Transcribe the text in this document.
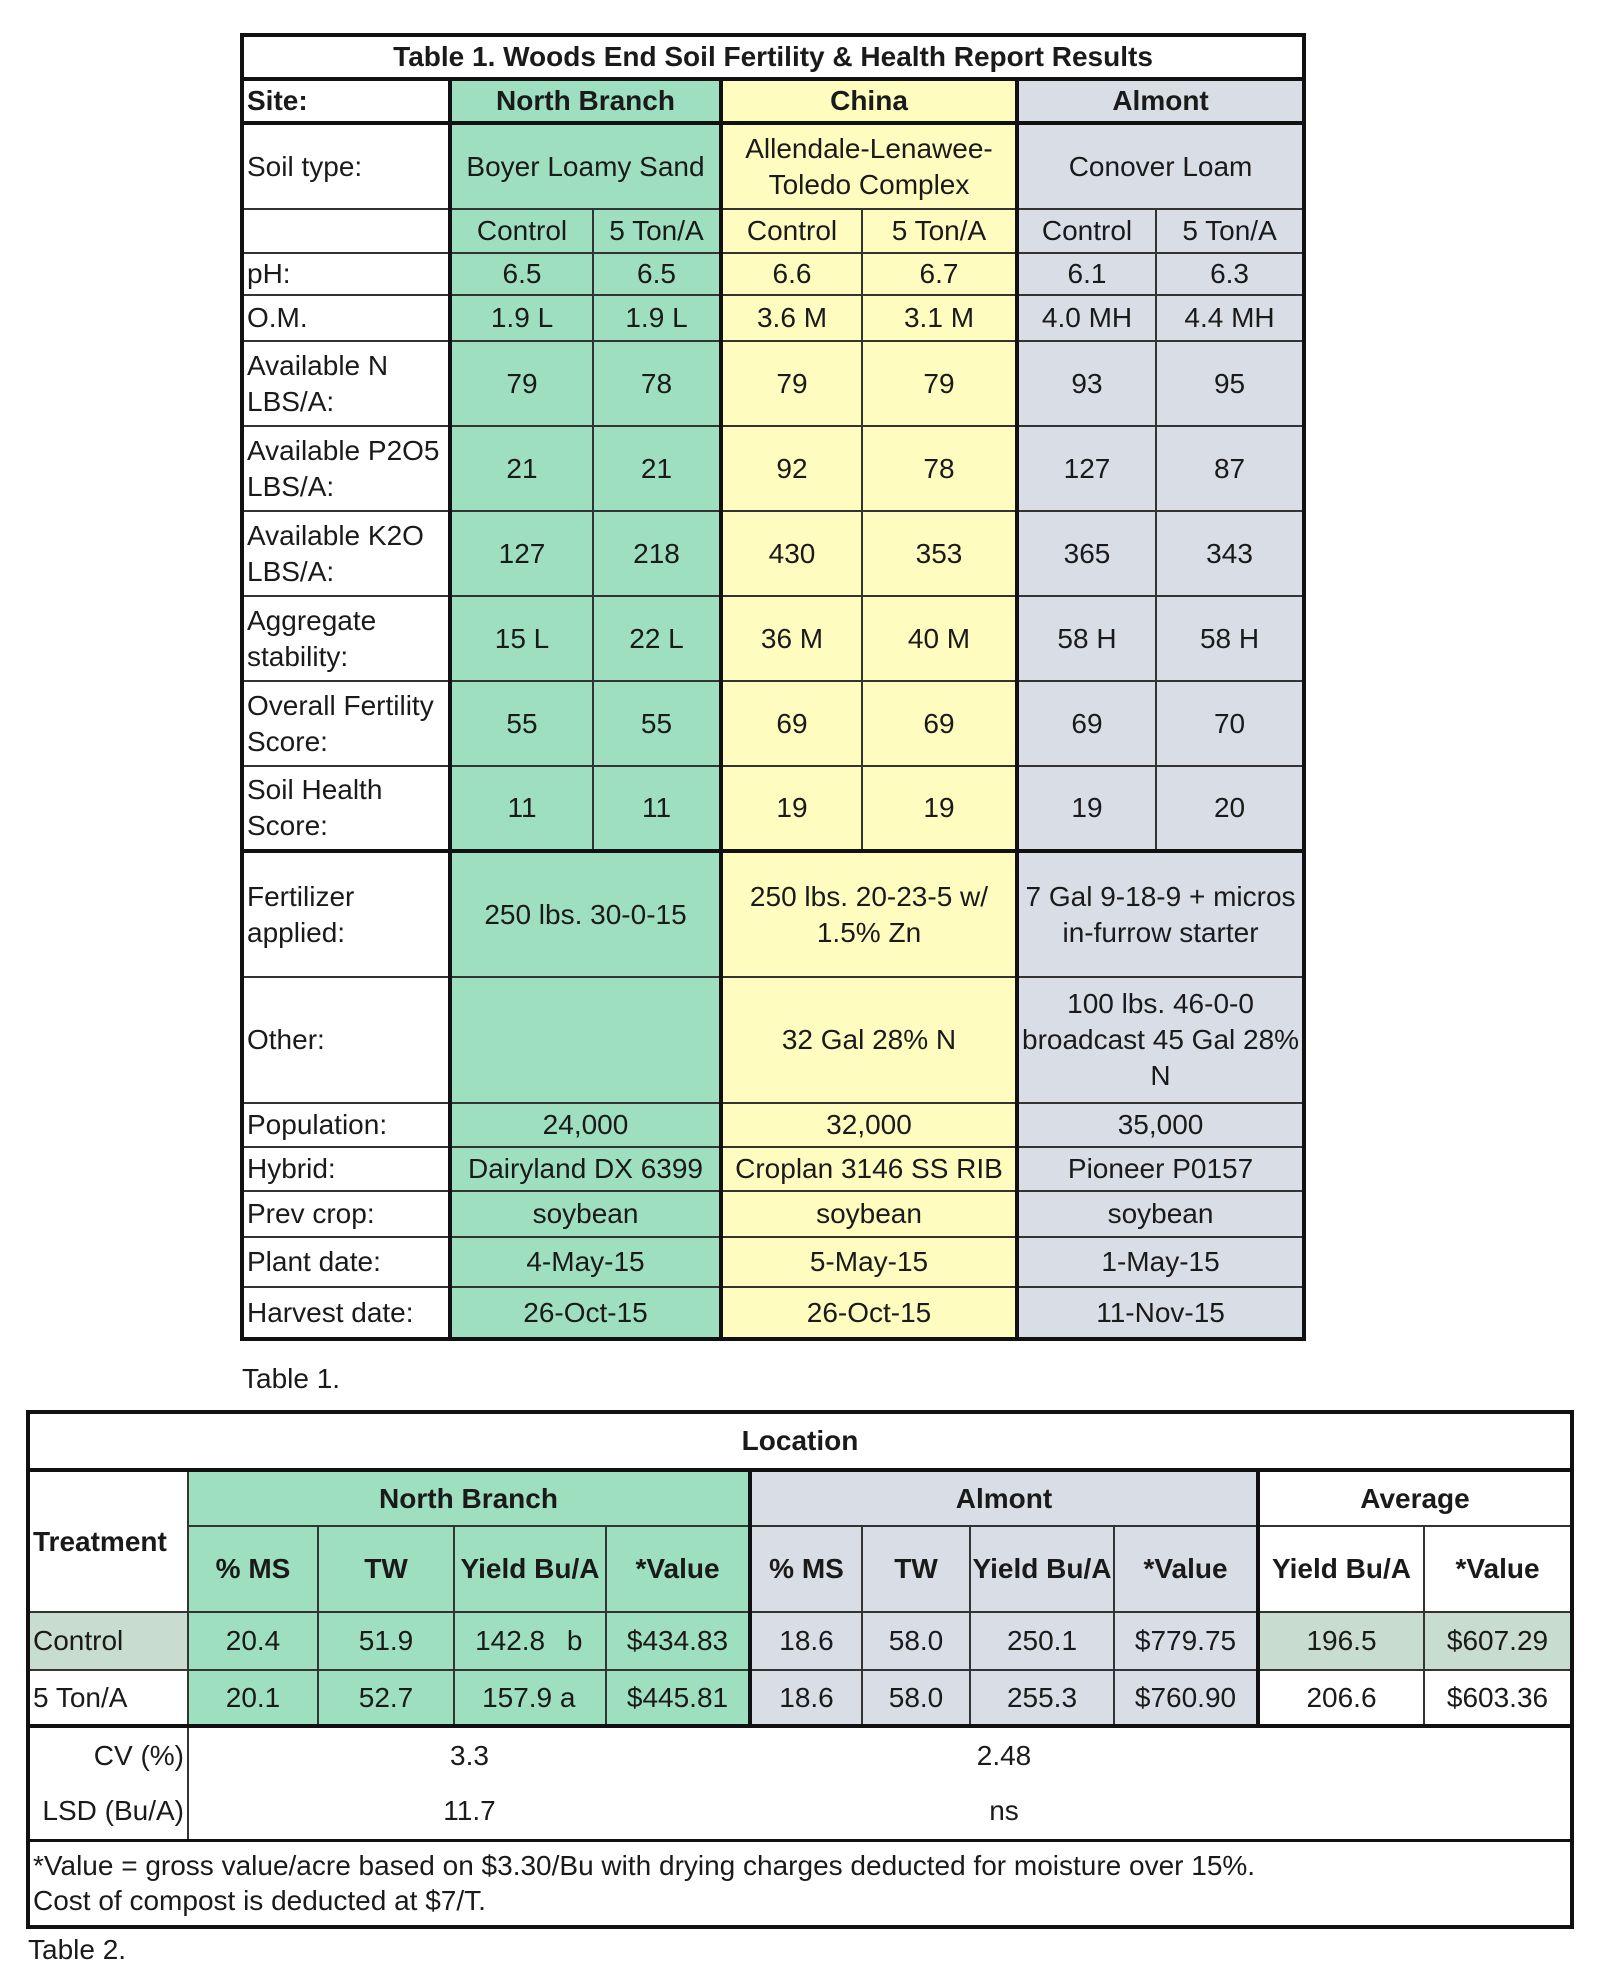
Table 1. Woods End Soil Fertility & Health Report Results						
Site:	North Branch		China		Almont	
Soil type:	Boyer Loamy Sand		Allendale-Lenawee-Toledo Complex		Conover Loam	
	Control	5 Ton/A	Control	5 Ton/A	Control	5 Ton/A
pH:	6.5	6.5	6.6	6.7	6.1	6.3
O.M.	1.9 L	1.9 L	3.6 M	3.1 M	4.0 MH	4.4 MH
Available N LBS/A:	79	78	79	79	93	95
Available P2O5 LBS/A:	21	21	92	78	127	87
Available K2O LBS/A:	127	218	430	353	365	343
Aggregate stability:	15 L	22 L	36 M	40 M	58 H	58 H
Overall Fertility Score:	55	55	69	69	69	70
Soil Health Score:	11	11	19	19	19	20
Fertilizer applied:	250 lbs. 30-0-15		250 lbs. 20-23-5 w/ 1.5% Zn		7 Gal 9-18-9 + micros in-furrow starter	
Other:			32 Gal 28% N		100 lbs. 46-0-0 broadcast 45 Gal 28% N	
Population:	24,000		32,000		35,000	
Hybrid:	Dairyland DX 6399		Croplan 3146 SS RIB		Pioneer P0157	
Prev crop:	soybean		soybean		soybean	
Plant date:	4-May-15		5-May-15		1-May-15	
Harvest date:	26-Oct-15		26-Oct-15		11-Nov-15	
Table 1.
Location										
Treatment	North Branch				Almont				Average	
	% MS	TW	Yield Bu/A	*Value	% MS	TW	Yield Bu/A	*Value	Yield Bu/A	*Value
Control	20.4	51.9	142.8 b	$434.83	18.6	58.0	250.1	$779.75	196.5	$607.29
5 Ton/A	20.1	52.7	157.9 a	$445.81	18.6	58.0	255.3	$760.90	206.6	$603.36
CV (%)	3.3				2.48					
LSD (Bu/A)	11.7				ns					

*Value = gross value/acre based on $3.30/Bu with drying charges deducted for moisture over 15%.
Cost of compost is deducted at $7/T.										
Table 2.
